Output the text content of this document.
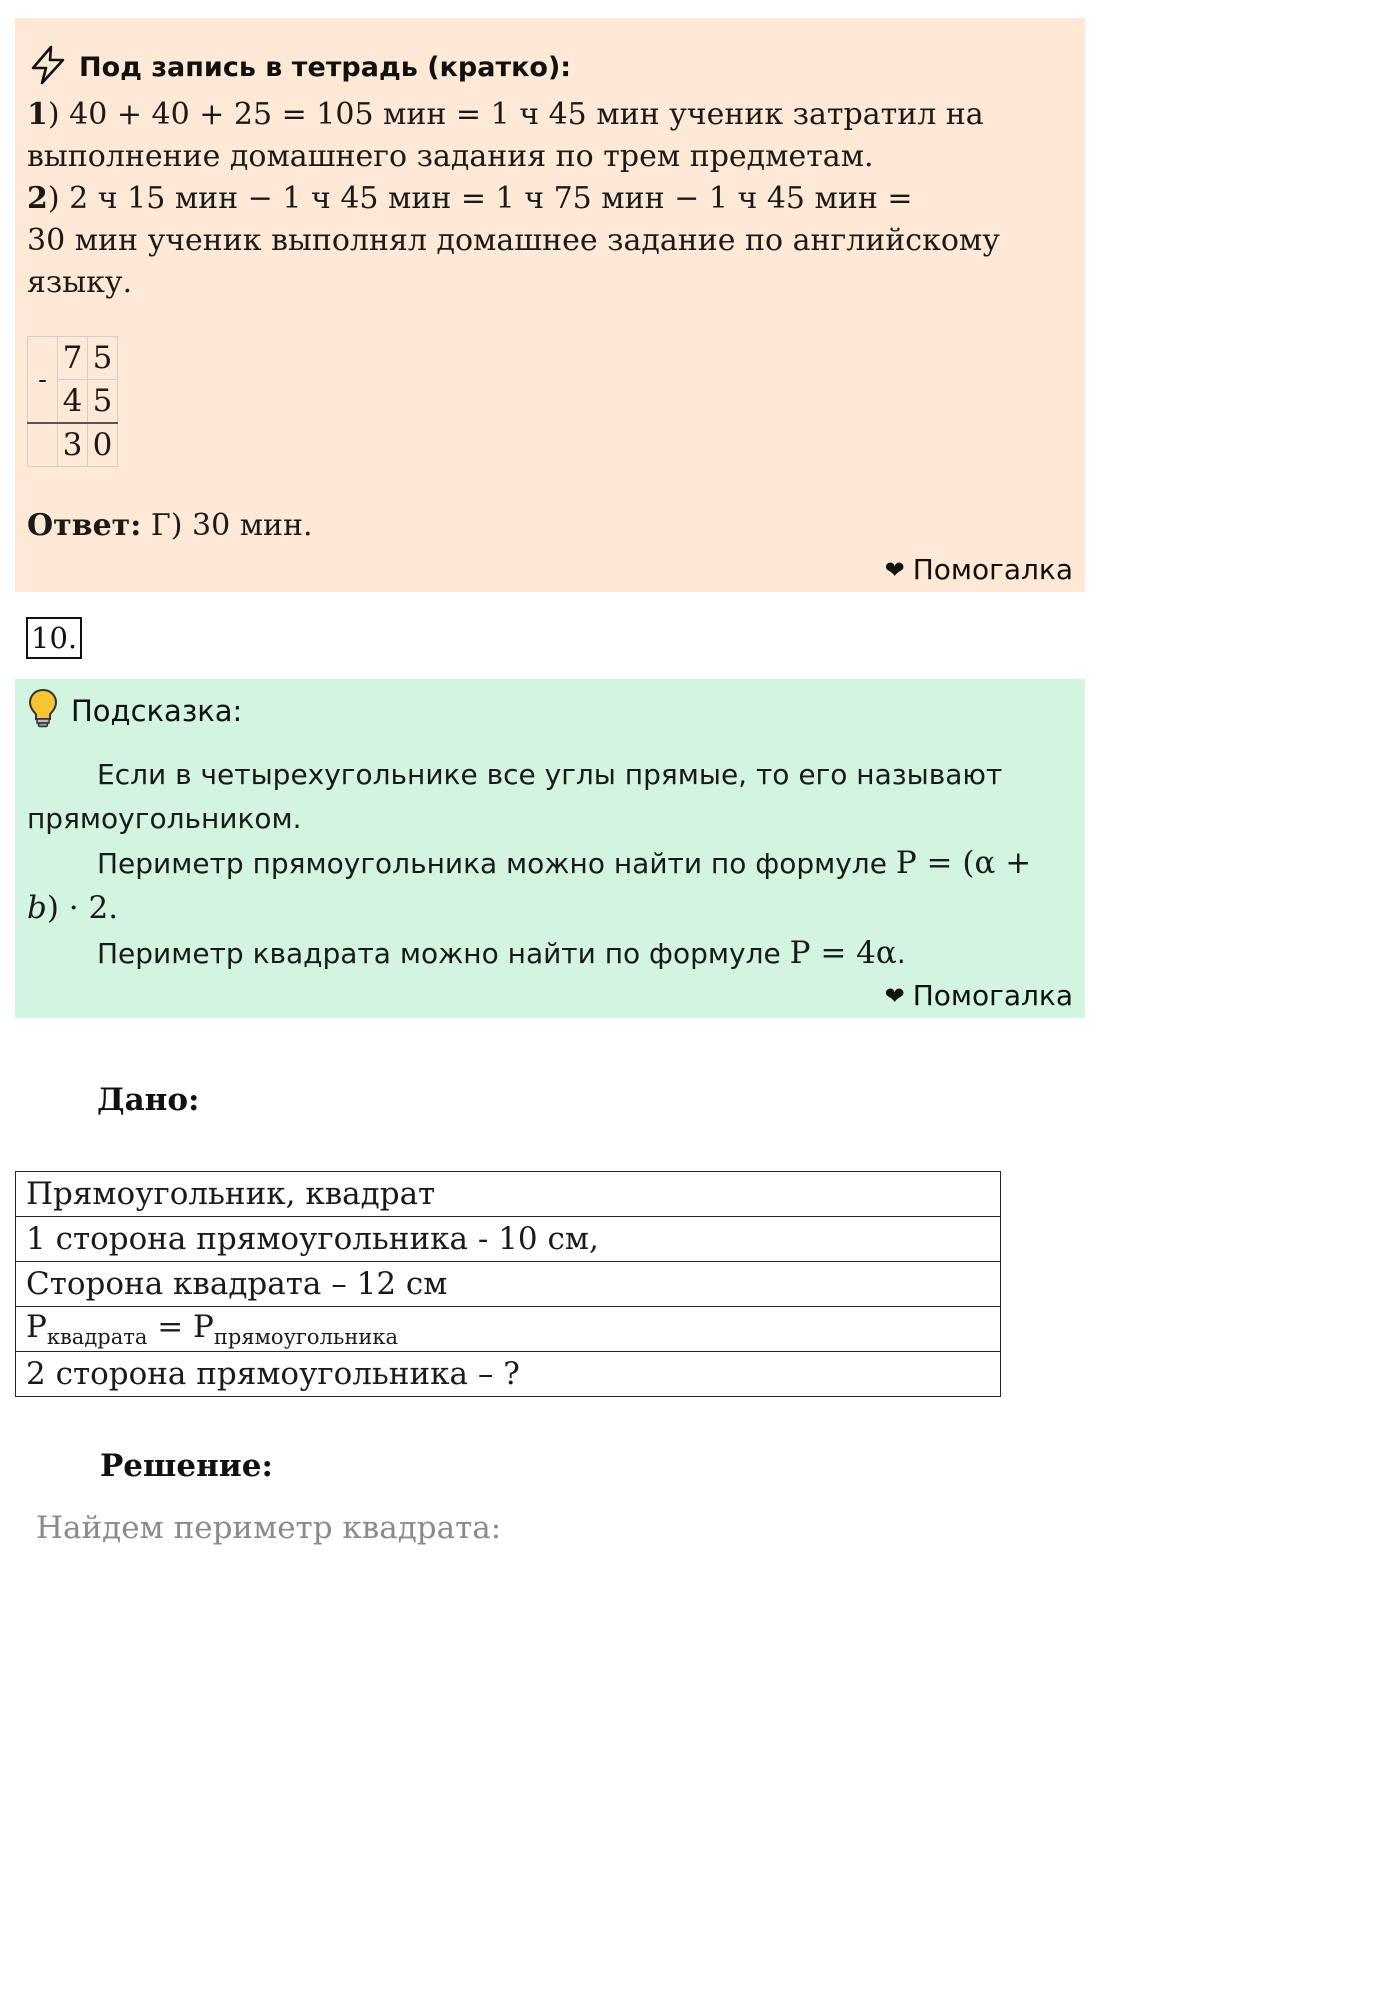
Под запись в тетрадь (кратко):
1) 40 + 40 + 25 = 105 мин = 1 ч 45 мин ученик затратил на
выполнение домашнего задания по трем предметам.
2) 2 ч 15 мин − 1 ч 45 мин = 1 ч 75 мин − 1 ч 45 мин =
30 мин ученик выполнял домашнее задание по английскому
языку.
-	7	5
	4	5
	3	0
Ответ: Г) 30 мин.
❤ Помогалка
10.
Подсказка:
Если в четырехугольнике все углы прямые, то его называют
прямоугольником.
Периметр прямоугольника можно найти по формуле P = (α +
b) · 2.
Периметр квадрата можно найти по формуле P = 4α.
❤ Помогалка
Дано:
Прямоугольник, квадрат
1 сторона прямоугольника - 10 см,
Сторона квадрата – 12 см
$P_{квадрата} = P_{прямоугольника}$
2 сторона прямоугольника – ?
Решение:
Найдем периметр квадрата:
